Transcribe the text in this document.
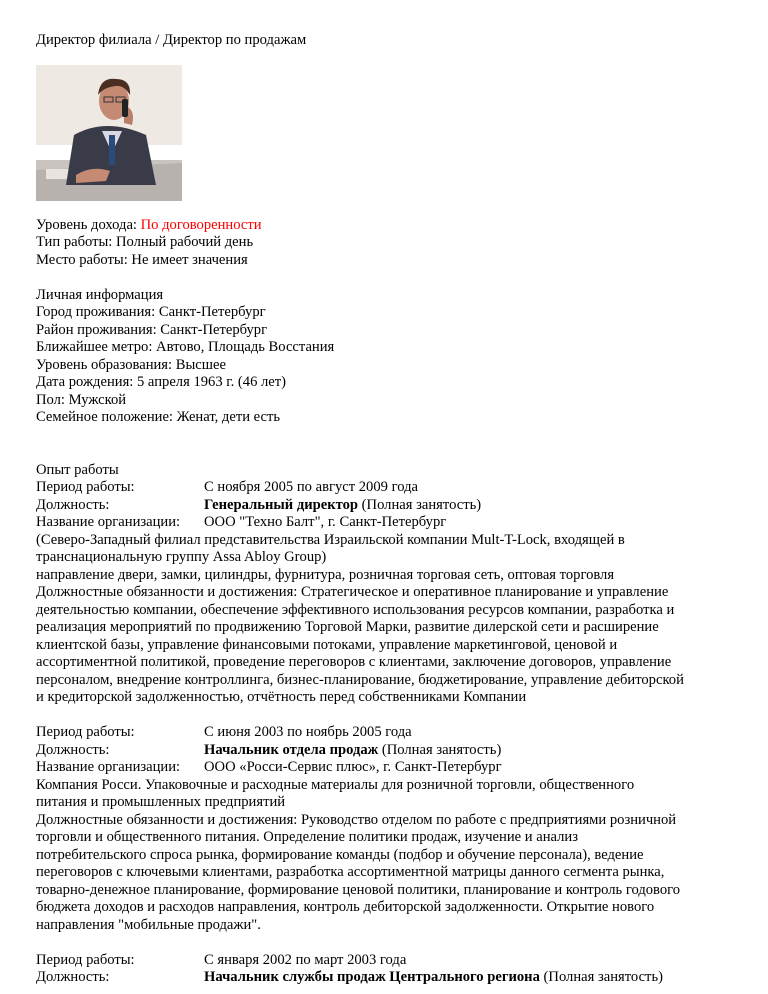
Директор филиала / Директор по продажам
Уровень дохода: По договоренности
Тип работы: Полный рабочий день
Место работы: Не имеет значения
Личная информация
Город проживания: Санкт-Петербург
Район проживания: Санкт-Петербург
Ближайшее метро: Автово, Площадь Восстания
Уровень образования: Высшее
Дата рождения: 5 апреля 1963 г. (46 лет)
Пол: Мужской
Семейное положение: Женат, дети есть
Опыт работы
Период работы:	С ноября 2005 по август 2009 года
Должность:	Генеральный директор (Полная занятость)
Название организации:	ООО "Техно Балт", г. Санкт-Петербург
(Северо-Западный филиал представительства Израильской компании Mult-T-Lock, входящей в
транснациональную группу Assa Abloy Group)
направление двери, замки, цилиндры, фурнитура, розничная торговая сеть, оптовая торговля
Должностные обязанности и достижения: Стратегическое и оперативное планирование и управление
деятельностью компании, обеспечение эффективного использования ресурсов компании, разработка и
реализация мероприятий по продвижению Торговой Марки, развитие дилерской сети и расширение
клиентской базы, управление финансовыми потоками, управление маркетинговой, ценовой и
ассортиментной политикой, проведение переговоров с клиентами, заключение договоров, управление
персоналом, внедрение контроллинга, бизнес-планирование, бюджетирование, управление дебиторской
и кредиторской задолженностью, отчётность перед собственниками Компании
Период работы:	С июня 2003 по ноябрь 2005 года
Должность:	Начальник отдела продаж (Полная занятость)
Название организации:	ООО «Росси-Сервис плюс», г. Санкт-Петербург
Компания Росси. Упаковочные и расходные материалы для розничной торговли, общественного
питания и промышленных предприятий
Должностные обязанности и достижения: Руководство отделом по работе с предприятиями розничной
торговли и общественного питания. Определение политики продаж, изучение и анализ
потребительского спроса рынка, формирование команды (подбор и обучение персонала), ведение
переговоров с ключевыми клиентами, разработка ассортиментной матрицы данного сегмента рынка,
товарно-денежное планирование, формирование ценовой политики, планирование и контроль годового
бюджета доходов и расходов направления, контроль дебиторской задолженности. Открытие нового
направления "мобильные продажи".
Период работы:	С января 2002 по март 2003 года
Должность:	Начальник службы продаж Центрального региона (Полная занятость)
